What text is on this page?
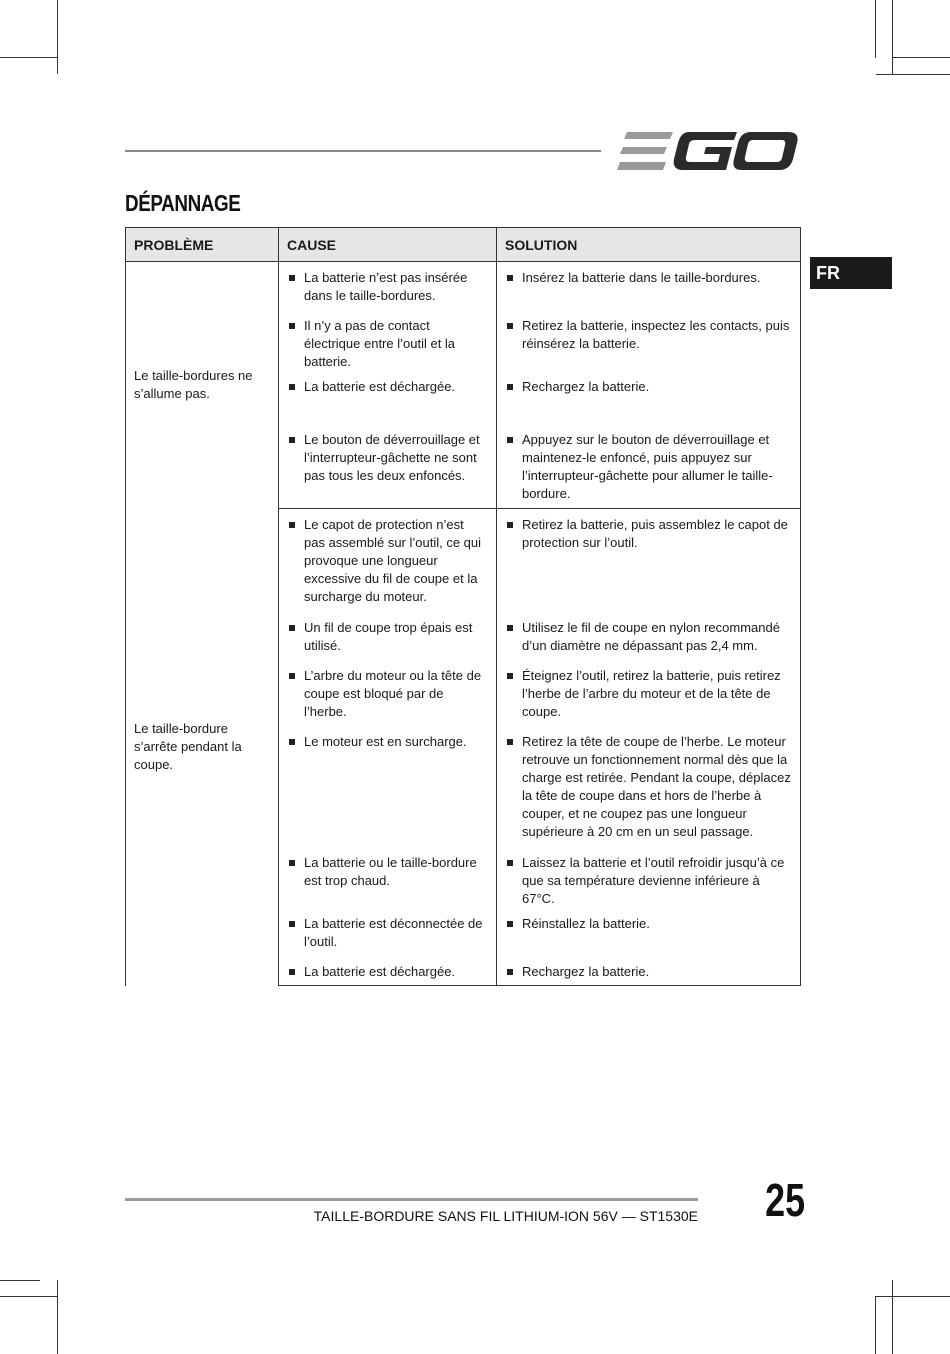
DÉPANNAGE
FR
PROBLÈME	CAUSE	SOLUTION
Le taille-bordures ne s’allume pas.	La batterie n’est pas insérée dans le taille-bordures.	Insérez la batterie dans le taille-bordures.

	Il n’y a pas de contact électrique entre l’outil et la batterie.	Retirez la batterie, inspectez les contacts, puis réinsérez la batterie.

	La batterie est déchargée.	Rechargez la batterie.

	Le bouton de déverrouillage et l’interrupteur-gâchette ne sont pas tous les deux enfoncés.	Appuyez sur le bouton de déverrouillage et maintenez-le enfoncé, puis appuyez sur l’interrupteur-gâchette pour allumer le taille-bordure.

Le taille-bordure s’arrête pendant la coupe.	Le capot de protection n’est pas assemblé sur l’outil, ce qui provoque une longueur excessive du fil de coupe et la surcharge du moteur.	Retirez la batterie, puis assemblez le capot de protection sur l’outil.

	Un fil de coupe trop épais est utilisé.	Utilisez le fil de coupe en nylon recommandé d’un diamètre ne dépassant pas 2,4 mm.

	L’arbre du moteur ou la tête de coupe est bloqué par de l’herbe.	Éteignez l’outil, retirez la batterie, puis retirez l’herbe de l’arbre du moteur et de la tête de coupe.

	Le moteur est en surcharge.	Retirez la tête de coupe de l’herbe. Le moteur retrouve un fonctionnement normal dès que la charge est retirée. Pendant la coupe, déplacez la tête de coupe dans et hors de l’herbe à couper, et ne coupez pas une longueur supérieure à 20 cm en un seul passage.

	La batterie ou le taille-bordure est trop chaud.	Laissez la batterie et l’outil refroidir jusqu’à ce que sa température devienne inférieure à 67°C.

	La batterie est déconnectée de l’outil.	Réinstallez la batterie.

	La batterie est déchargée.	Rechargez la batterie.
TAILLE-BORDURE SANS FIL LITHIUM-ION 56V — ST1530E 25
